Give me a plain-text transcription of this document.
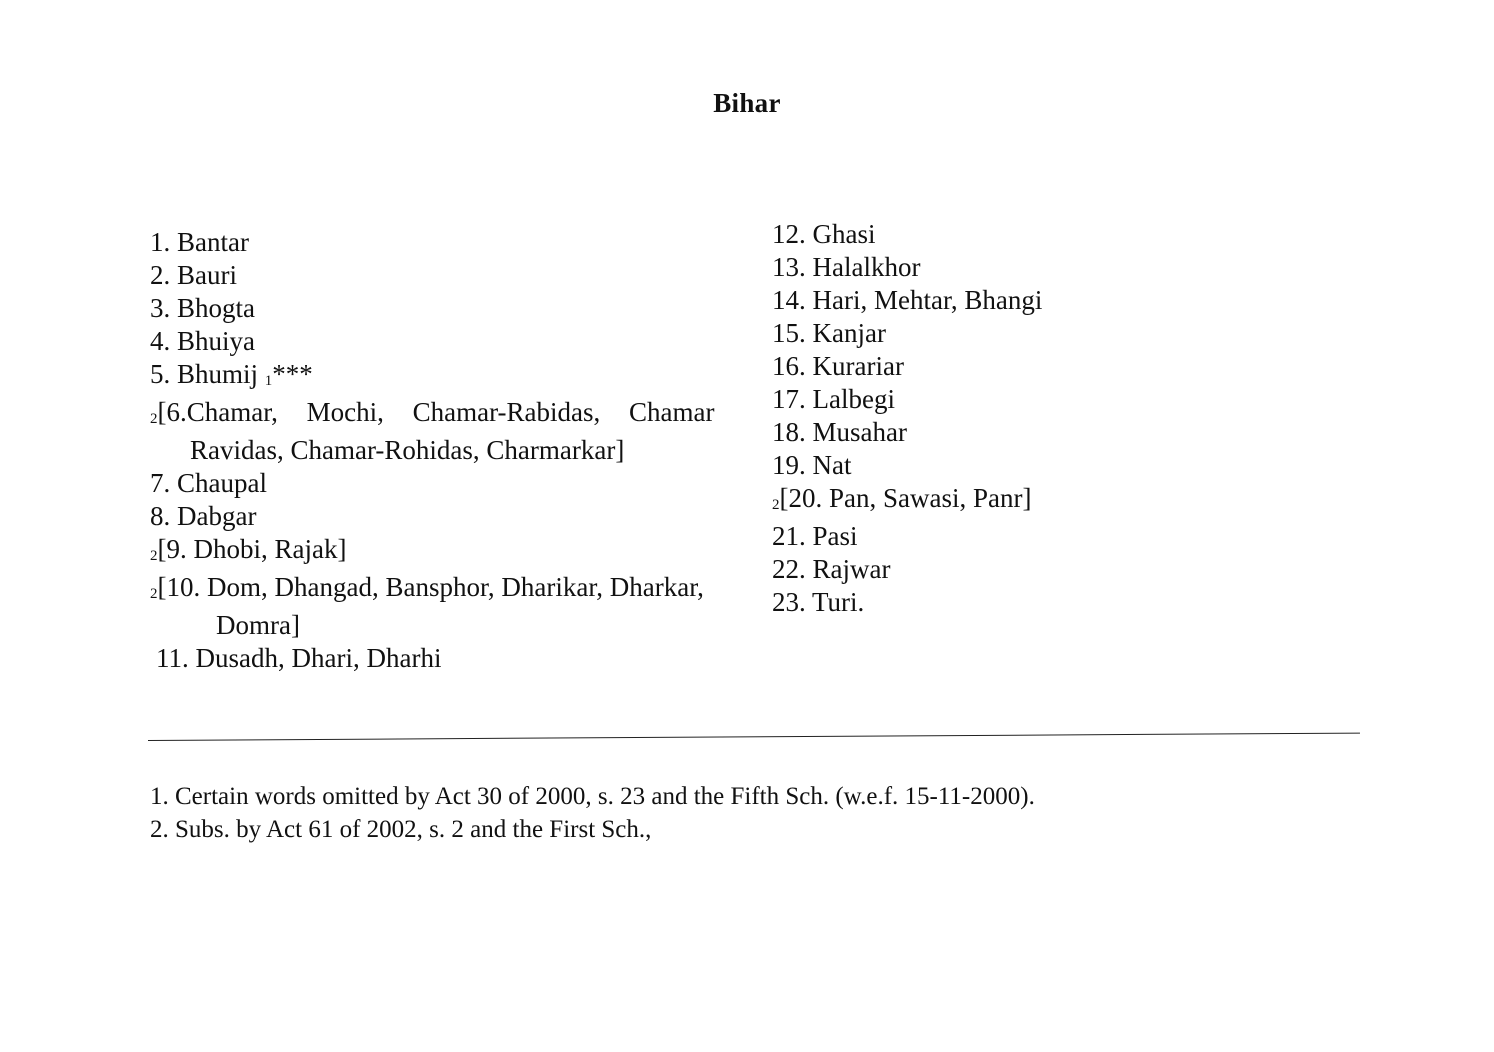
Bihar
1. Bantar
2. Bauri
3. Bhogta
4. Bhuiya
5. Bhumij 1***
2[6.Chamar, Mochi, Chamar-Rabidas, Chamar
Ravidas, Chamar-Rohidas, Charmarkar]
7. Chaupal
8. Dabgar
2[9. Dhobi, Rajak]
2[10. Dom, Dhangad, Bansphor, Dharikar, Dharkar,
Domra]
11. Dusadh, Dhari, Dharhi
12. Ghasi
13. Halalkhor
14. Hari, Mehtar, Bhangi
15. Kanjar
16. Kurariar
17. Lalbegi
18. Musahar
19. Nat
2[20. Pan, Sawasi, Panr]
21. Pasi
22. Rajwar
23. Turi.
1. Certain words omitted by Act 30 of 2000, s. 23 and the Fifth Sch. (w.e.f. 15-11-2000).
2. Subs. by Act 61 of 2002, s. 2 and the First Sch.,
